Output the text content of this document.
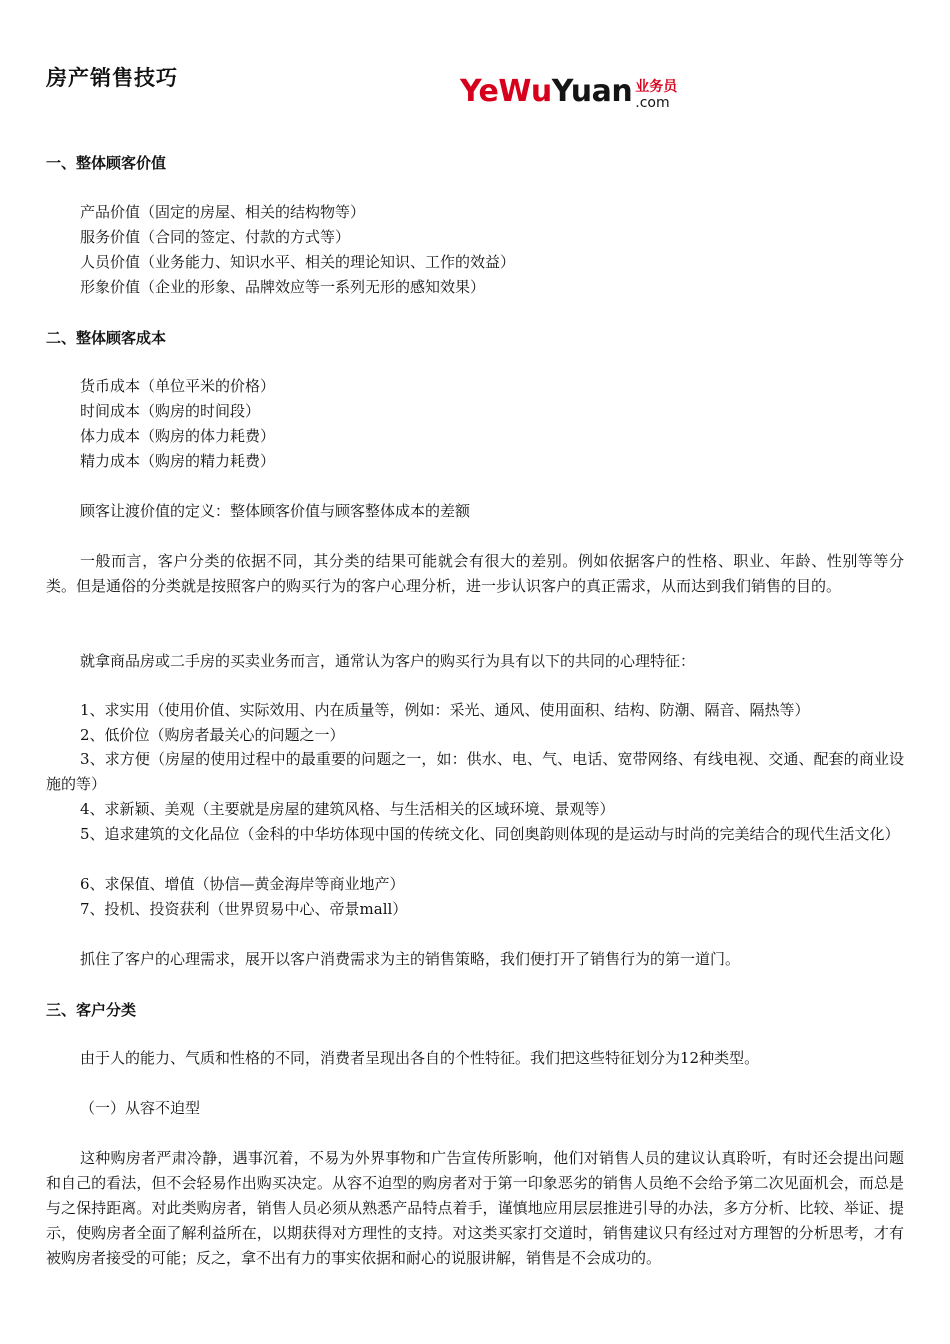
房产销售技巧	YeWuYuan 业务员
.com
一、整体顾客价值
产品价值（固定的房屋、相关的结构物等）
服务价值（合同的签定、付款的方式等）
人员价值（业务能力、知识水平、相关的理论知识、工作的效益）
形象价值（企业的形象、品牌效应等一系列无形的感知效果）
二、整体顾客成本
货币成本（单位平米的价格）
时间成本（购房的时间段）
体力成本（购房的体力耗费）
精力成本（购房的精力耗费）
顾客让渡价值的定义：整体顾客价值与顾客整体成本的差额
一般而言，客户分类的依据不同，其分类的结果可能就会有很大的差别。例如依据客户的性格、职业、年龄、性别等等分类。但是通俗的分类就是按照客户的购买行为的客户心理分析，进一步认识客户的真正需求，从而达到我们销售的目的。
就拿商品房或二手房的买卖业务而言，通常认为客户的购买行为具有以下的共同的心理特征：
1、求实用（使用价值、实际效用、内在质量等，例如：采光、通风、使用面积、结构、防潮、隔音、隔热等）
2、低价位（购房者最关心的问题之一）
3、求方便（房屋的使用过程中的最重要的问题之一，如：供水、电、气、电话、宽带网络、有线电视、交通、配套的商业设施的等）
4、求新颖、美观（主要就是房屋的建筑风格、与生活相关的区域环境、景观等）
5、追求建筑的文化品位（金科的中华坊体现中国的传统文化、同创奥韵则体现的是运动与时尚的完美结合的现代生活文化）
6、求保值、增值（协信—黄金海岸等商业地产）
7、投机、投资获利（世界贸易中心、帝景mall）
抓住了客户的心理需求，展开以客户消费需求为主的销售策略，我们便打开了销售行为的第一道门。
三、客户分类
由于人的能力、气质和性格的不同，消费者呈现出各自的个性特征。我们把这些特征划分为12种类型。
（一）从容不迫型
这种购房者严肃冷静，遇事沉着，不易为外界事物和广告宣传所影响，他们对销售人员的建议认真聆听，有时还会提出问题和自己的看法，但不会轻易作出购买决定。从容不迫型的购房者对于第一印象恶劣的销售人员绝不会给予第二次见面机会，而总是与之保持距离。对此类购房者，销售人员必须从熟悉产品特点着手，谨慎地应用层层推进引导的办法，多方分析、比较、举证、提示，使购房者全面了解利益所在，以期获得对方理性的支持。对这类买家打交道时，销售建议只有经过对方理智的分析思考，才有被购房者接受的可能；反之，拿不出有力的事实依据和耐心的说服讲解，销售是不会成功的。
